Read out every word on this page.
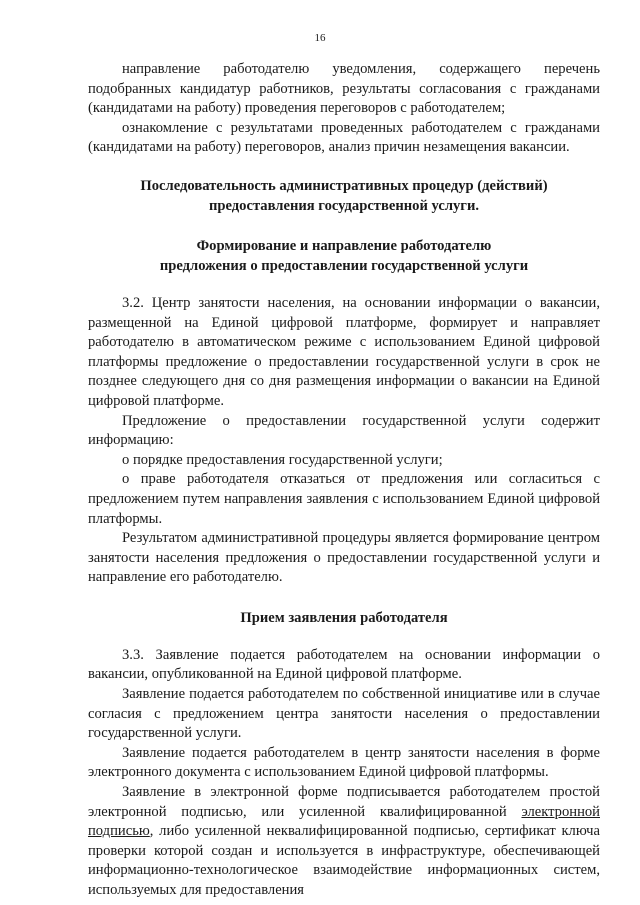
16

направление работодателю уведомления, содержащего перечень подобранных кандидатур работников, результаты согласования с гражданами (кандидатами на работу) проведения переговоров с работодателем;

ознакомление с результатами проведенных работодателем с гражданами (кандидатами на работу) переговоров, анализ причин незамещения вакансии.

Последовательность административных процедур (действий)
предоставления государственной услуги.
Формирование и направление работодателю
предложения о предоставлении государственной услуги

3.2. Центр занятости населения, на основании информации о вакансии, размещенной на Единой цифровой платформе, формирует и направляет работодателю в автоматическом режиме с использованием Единой цифровой платформы предложение о предоставлении государственной услуги в срок не позднее следующего дня со дня размещения информации о вакансии на Единой цифровой платформе.

Предложение о предоставлении государственной услуги содержит информацию:

о порядке предоставления государственной услуги;

о праве работодателя отказаться от предложения или согласиться с предложением путем направления заявления с использованием Единой цифровой платформы.

Результатом административной процедуры является формирование центром занятости населения предложения о предоставлении государственной услуги и направление его работодателю.

Прием заявления работодателя

3.3. Заявление подается работодателем на основании информации о вакансии, опубликованной на Единой цифровой платформе.

Заявление подается работодателем по собственной инициативе или в случае согласия с предложением центра занятости населения о предоставлении государственной услуги.

Заявление подается работодателем в центр занятости населения в форме электронного документа с использованием Единой цифровой платформы.

Заявление в электронной форме подписывается работодателем простой электронной подписью, или усиленной квалифицированной электронной подписью, либо усиленной неквалифицированной подписью, сертификат ключа проверки которой создан и используется в инфраструктуре, обеспечивающей информационно-технологическое взаимодействие информационных систем, используемых для предоставления
